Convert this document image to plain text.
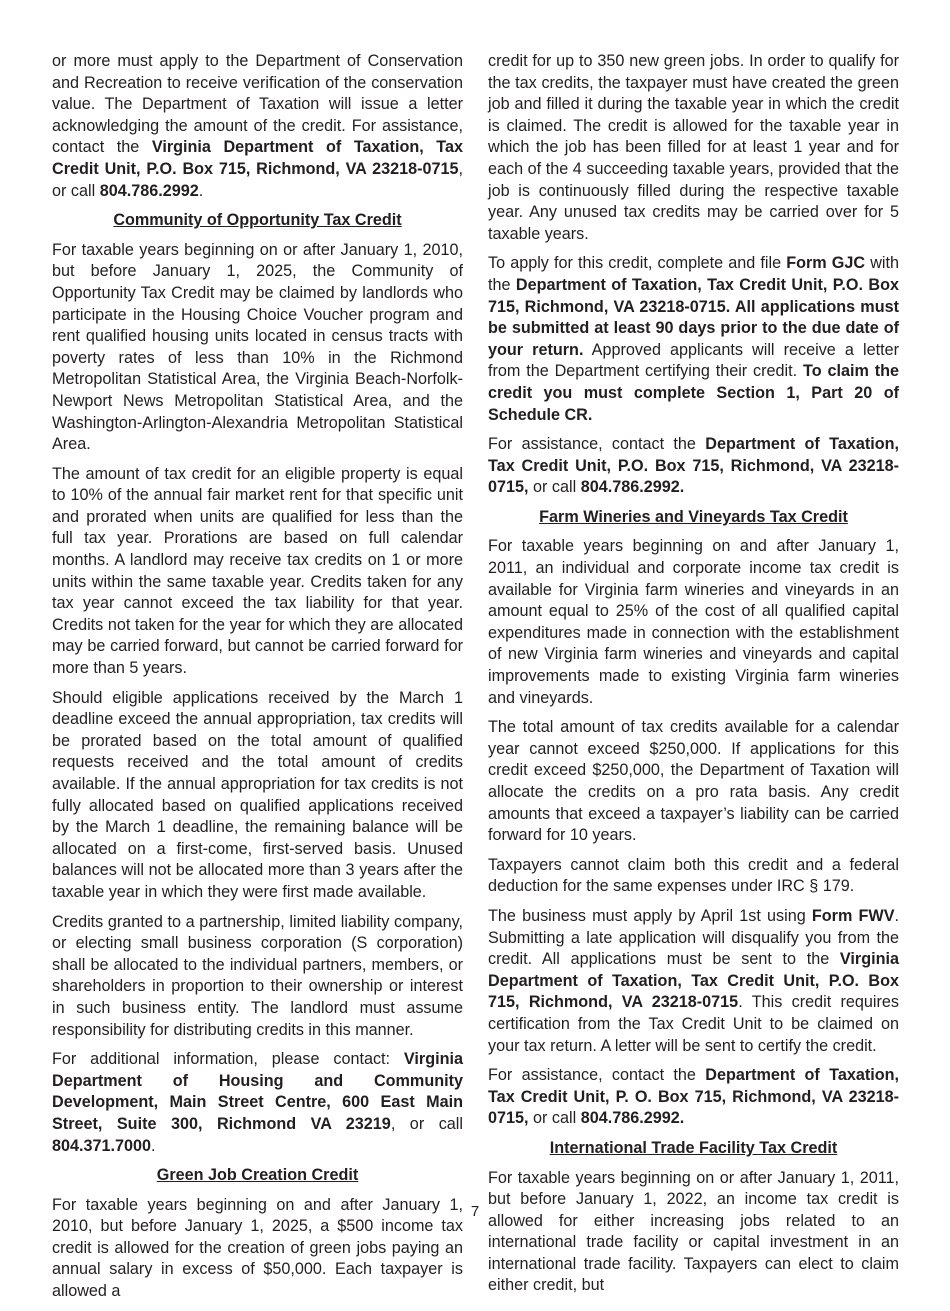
or more must apply to the Department of Conservation and Recreation to receive verification of the conservation value. The Department of Taxation will issue a letter acknowledging the amount of the credit. For assistance, contact the Virginia Department of Taxation, Tax Credit Unit, P.O. Box 715, Richmond, VA 23218-0715, or call 804.786.2992.

Community of Opportunity Tax Credit

For taxable years beginning on or after January 1, 2010, but before January 1, 2025, the Community of Opportunity Tax Credit may be claimed by landlords who participate in the Housing Choice Voucher program and rent qualified housing units located in census tracts with poverty rates of less than 10% in the Richmond Metropolitan Statistical Area, the Virginia Beach-Norfolk-Newport News Metropolitan Statistical Area, and the Washington-Arlington-Alexandria Metropolitan Statistical Area.

The amount of tax credit for an eligible property is equal to 10% of the annual fair market rent for that specific unit and prorated when units are qualified for less than the full tax year. Prorations are based on full calendar months. A landlord may receive tax credits on 1 or more units within the same taxable year. Credits taken for any tax year cannot exceed the tax liability for that year. Credits not taken for the year for which they are allocated may be carried forward, but cannot be carried forward for more than 5 years.

Should eligible applications received by the March 1 deadline exceed the annual appropriation, tax credits will be prorated based on the total amount of qualified requests received and the total amount of credits available. If the annual appropriation for tax credits is not fully allocated based on qualified applications received by the March 1 deadline, the remaining balance will be allocated on a first-come, first-served basis. Unused balances will not be allocated more than 3 years after the taxable year in which they were first made available.

Credits granted to a partnership, limited liability company, or electing small business corporation (S corporation) shall be allocated to the individual partners, members, or shareholders in proportion to their ownership or interest in such business entity. The landlord must assume responsibility for distributing credits in this manner.

For additional information, please contact: Virginia Department of Housing and Community Development, Main Street Centre, 600 East Main Street, Suite 300, Richmond VA 23219, or call 804.371.7000.

Green Job Creation Credit

For taxable years beginning on and after January 1, 2010, but before January 1, 2025, a $500 income tax credit is allowed for the creation of green jobs paying an annual salary in excess of $50,000. Each taxpayer is allowed a

credit for up to 350 new green jobs. In order to qualify for the tax credits, the taxpayer must have created the green job and filled it during the taxable year in which the credit is claimed. The credit is allowed for the taxable year in which the job has been filled for at least 1 year and for each of the 4 succeeding taxable years, provided that the job is continuously filled during the respective taxable year. Any unused tax credits may be carried over for 5 taxable years.

To apply for this credit, complete and file Form GJC with the Department of Taxation, Tax Credit Unit, P.O. Box 715, Richmond, VA 23218-0715. All applications must be submitted at least 90 days prior to the due date of your return. Approved applicants will receive a letter from the Department certifying their credit. To claim the credit you must complete Section 1, Part 20 of Schedule CR.

For assistance, contact the Department of Taxation, Tax Credit Unit, P.O. Box 715, Richmond, VA 23218-0715, or call 804.786.2992.

Farm Wineries and Vineyards Tax Credit

For taxable years beginning on and after January 1, 2011, an individual and corporate income tax credit is available for Virginia farm wineries and vineyards in an amount equal to 25% of the cost of all qualified capital expenditures made in connection with the establishment of new Virginia farm wineries and vineyards and capital improvements made to existing Virginia farm wineries and vineyards.

The total amount of tax credits available for a calendar year cannot exceed $250,000. If applications for this credit exceed $250,000, the Department of Taxation will allocate the credits on a pro rata basis. Any credit amounts that exceed a taxpayer’s liability can be carried forward for 10 years.

Taxpayers cannot claim both this credit and a federal deduction for the same expenses under IRC § 179.

The business must apply by April 1st using Form FWV. Submitting a late application will disqualify you from the credit. All applications must be sent to the Virginia Department of Taxation, Tax Credit Unit, P.O. Box 715, Richmond, VA 23218-0715. This credit requires certification from the Tax Credit Unit to be claimed on your tax return. A letter will be sent to certify the credit.

For assistance, contact the Department of Taxation, Tax Credit Unit, P. O. Box 715, Richmond, VA 23218-0715, or call 804.786.2992.

International Trade Facility Tax Credit

For taxable years beginning on or after January 1, 2011, but before January 1, 2022, an income tax credit is allowed for either increasing jobs related to an international trade facility or capital investment in an international trade facility. Taxpayers can elect to claim either credit, but

7
